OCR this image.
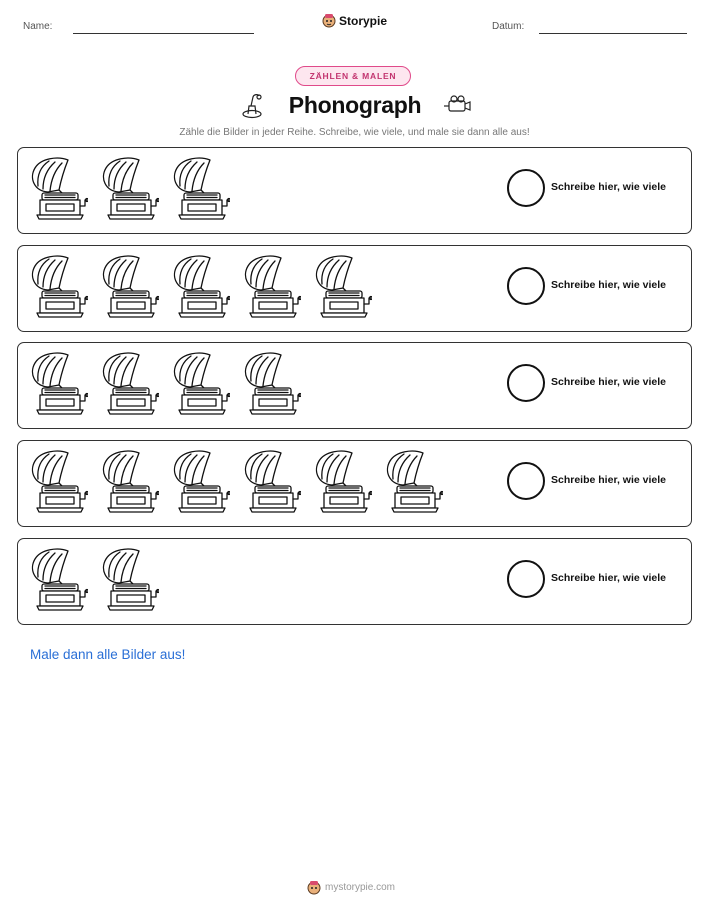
Name:	Storypie	Datum:
ZÄHLEN & MALEN
Phonograph
Zähle die Bilder in jeder Reihe. Schreibe, wie viele, und male sie dann alle aus!
Schreibe hier, wie viele
Schreibe hier, wie viele
Schreibe hier, wie viele
Schreibe hier, wie viele
Schreibe hier, wie viele
Male dann alle Bilder aus!
mystorypie.com
